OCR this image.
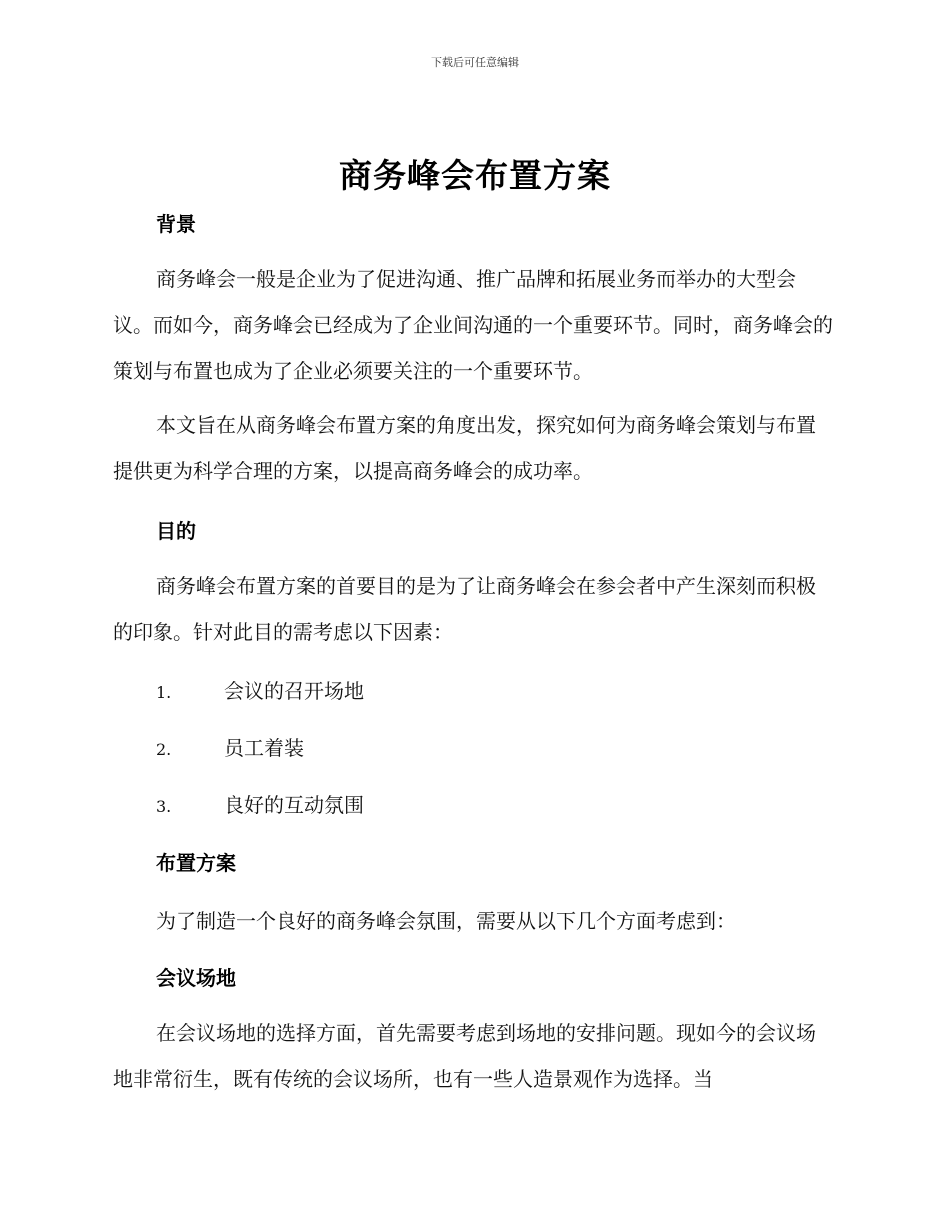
下载后可任意编辑
商务峰会布置方案
背景

商务峰会一般是企业为了促进沟通、推广品牌和拓展业务而举办的大型会议。而如今，商务峰会已经成为了企业间沟通的一个重要环节。同时，商务峰会的策划与布置也成为了企业必须要关注的一个重要环节。

本文旨在从商务峰会布置方案的角度出发，探究如何为商务峰会策划与布置提供更为科学合理的方案，以提高商务峰会的成功率。

目的

商务峰会布置方案的首要目的是为了让商务峰会在参会者中产生深刻而积极的印象。针对此目的需考虑以下因素：

1.	会议的召开场地
2.	员工着装
3.	良好的互动氛围
布置方案
为了制造一个良好的商务峰会氛围，需要从以下几个方面考虑到：
会议场地

在会议场地的选择方面，首先需要考虑到场地的安排问题。现如今的会议场地非常衍生，既有传统的会议场所，也有一些人造景观作为选择。当
